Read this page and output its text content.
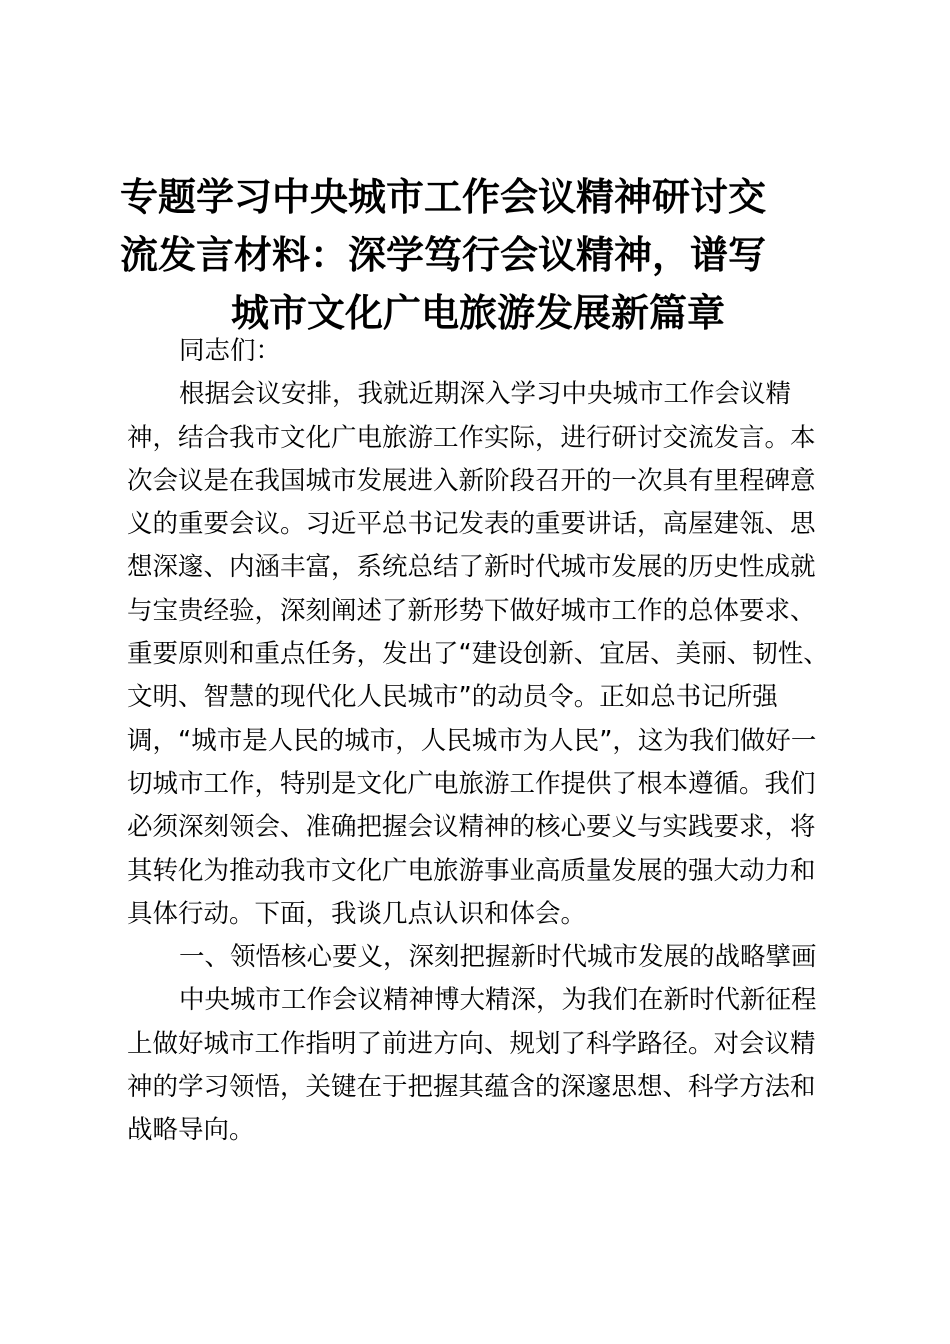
专题学习中央城市工作会议精神研讨交
流发言材料：深学笃行会议精神，谱写
城市文化广电旅游发展新篇章
同志们：
根据会议安排，我就近期深入学习中央城市工作会议精
神，结合我市文化广电旅游工作实际，进行研讨交流发言。本
次会议是在我国城市发展进入新阶段召开的一次具有里程碑意
义的重要会议。习近平总书记发表的重要讲话，高屋建瓴、思
想深邃、内涵丰富，系统总结了新时代城市发展的历史性成就
与宝贵经验，深刻阐述了新形势下做好城市工作的总体要求、
重要原则和重点任务，发出了“建设创新、宜居、美丽、韧性、
文明、智慧的现代化人民城市”的动员令。正如总书记所强
调，“城市是人民的城市，人民城市为人民”，这为我们做好一
切城市工作，特别是文化广电旅游工作提供了根本遵循。我们
必须深刻领会、准确把握会议精神的核心要义与实践要求，将
其转化为推动我市文化广电旅游事业高质量发展的强大动力和
具体行动。下面，我谈几点认识和体会。
一、领悟核心要义，深刻把握新时代城市发展的战略擘画
中央城市工作会议精神博大精深，为我们在新时代新征程
上做好城市工作指明了前进方向、规划了科学路径。对会议精
神的学习领悟，关键在于把握其蕴含的深邃思想、科学方法和
战略导向。
